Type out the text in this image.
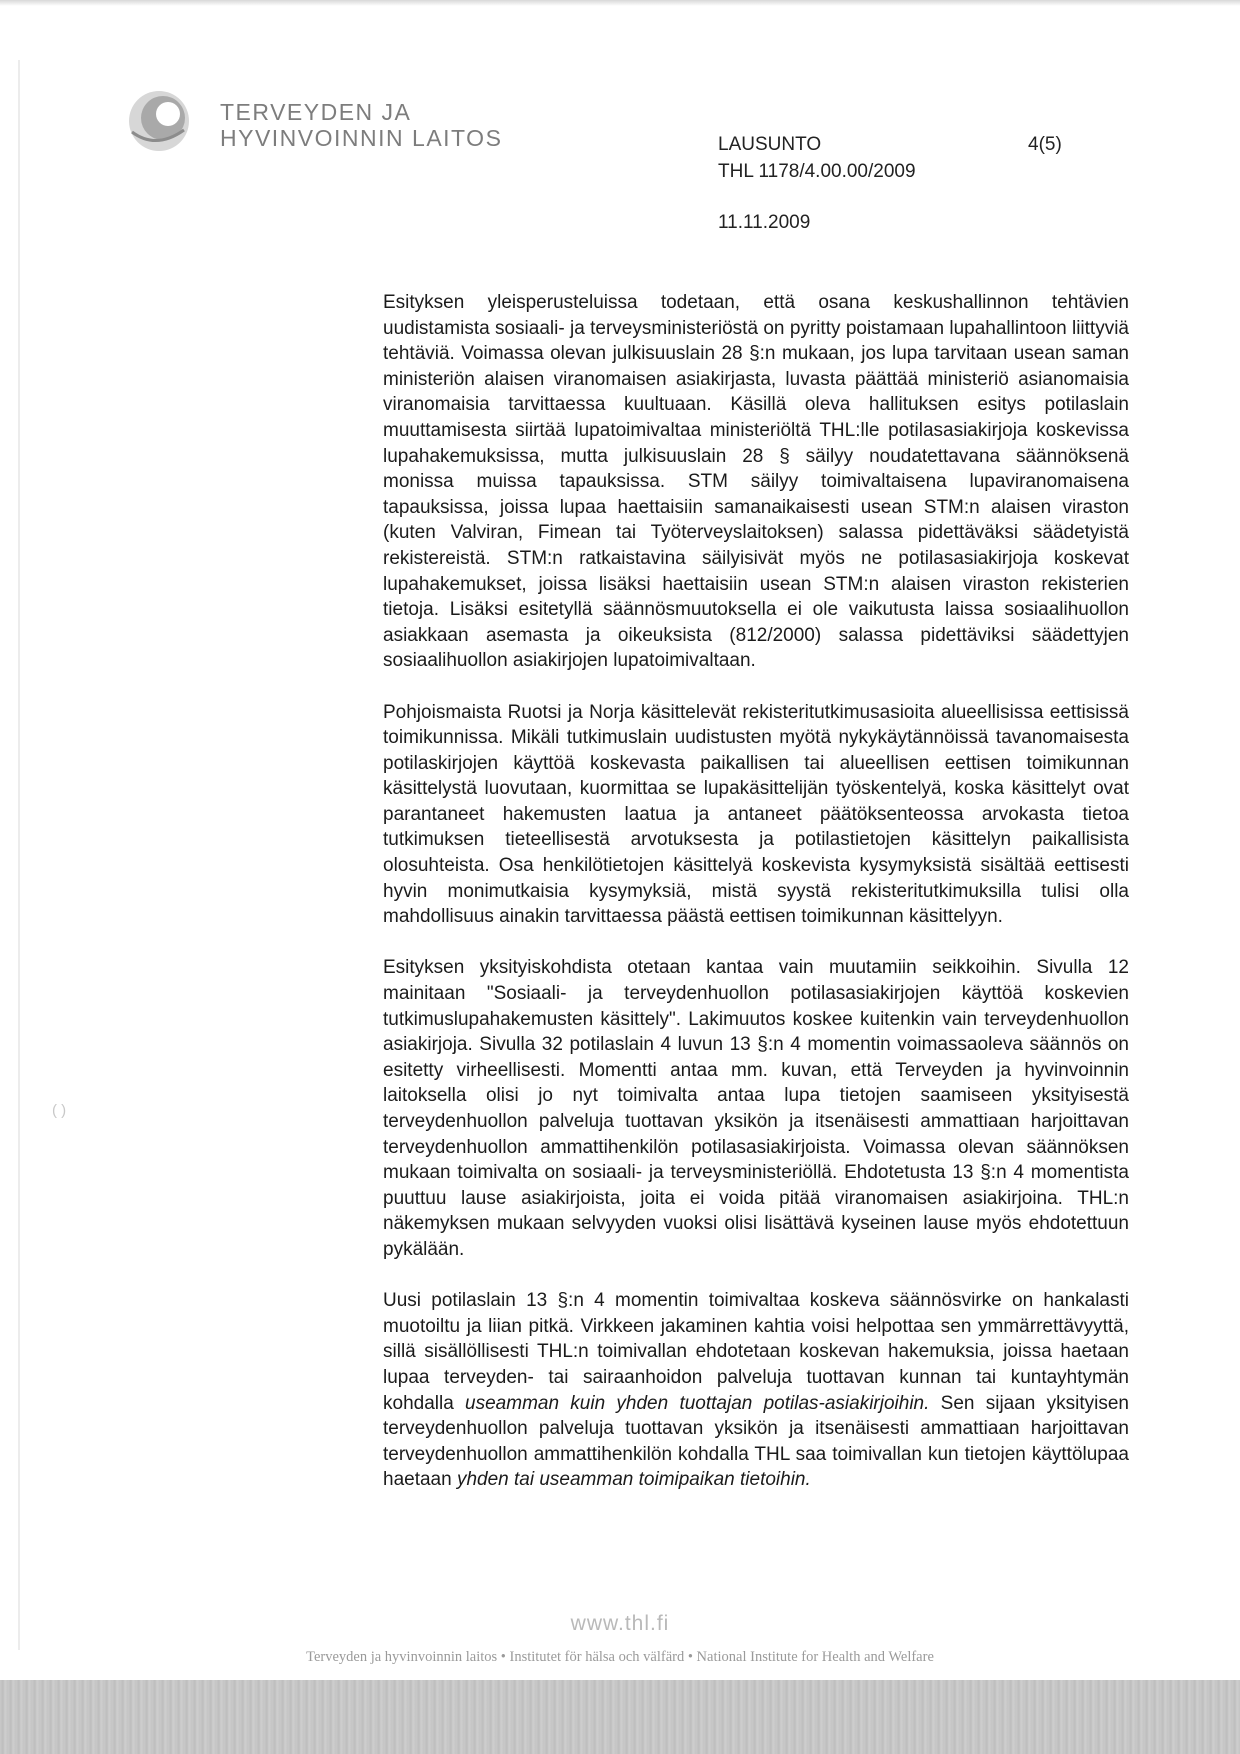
TERVEYDEN JA
HYVINVOINNIN LAITOS	LAUSUNTO	4(5)
THL 1178/4.00.00/2009
11.11.2009

Esityksen yleisperusteluissa todetaan, että osana keskushallinnon tehtävien uudistamista sosiaali- ja terveysministeriöstä on pyritty poistamaan lupahallintoon liittyviä tehtäviä. Voimassa olevan julkisuuslain 28 §:n mukaan, jos lupa tarvitaan usean saman ministeriön alaisen viranomaisen asiakirjasta, luvasta päättää ministeriö asianomaisia viranomaisia tarvittaessa kuultuaan. Käsillä oleva hallituksen esitys potilaslain muuttamisesta siirtää lupatoimivaltaa ministeriöltä THL:lle potilasasiakirjoja koskevissa lupahakemuksissa, mutta julkisuuslain 28 § säilyy noudatettavana säännöksenä monissa muissa tapauksissa. STM säilyy toimivaltaisena lupaviranomaisena tapauksissa, joissa lupaa haettaisiin samanaikaisesti usean STM:n alaisen viraston (kuten Valviran, Fimean tai Työterveyslaitoksen) salassa pidettäväksi säädetyistä rekistereistä. STM:n ratkaistavina säilyisivät myös ne potilasasiakirjoja koskevat lupahakemukset, joissa lisäksi haettaisiin usean STM:n alaisen viraston rekisterien tietoja. Lisäksi esitetyllä säännösmuutoksella ei ole vaikutusta laissa sosiaalihuollon asiakkaan asemasta ja oikeuksista (812/2000) salassa pidettäviksi säädettyjen sosiaalihuollon asiakirjojen lupatoimivaltaan.

Pohjoismaista Ruotsi ja Norja käsittelevät rekisteritutkimusasioita alueellisissa eettisissä toimikunnissa. Mikäli tutkimuslain uudistusten myötä nykykäytännöissä tavanomaisesta potilaskirjojen käyttöä koskevasta paikallisen tai alueellisen eettisen toimikunnan käsittelystä luovutaan, kuormittaa se lupakäsittelijän työskentelyä, koska käsittelyt ovat parantaneet hakemusten laatua ja antaneet päätöksenteossa arvokasta tietoa tutkimuksen tieteellisestä arvotuksesta ja potilastietojen käsittelyn paikallisista olosuhteista. Osa henkilötietojen käsittelyä koskevista kysymyksistä sisältää eettisesti hyvin monimutkaisia kysymyksiä, mistä syystä rekisteritutkimuksilla tulisi olla mahdollisuus ainakin tarvittaessa päästä eettisen toimikunnan käsittelyyn.

Esityksen yksityiskohdista otetaan kantaa vain muutamiin seikkoihin. Sivulla 12 mainitaan "Sosiaali- ja terveydenhuollon potilasasiakirjojen käyttöä koskevien tutkimuslupahakemusten käsittely". Lakimuutos koskee kuitenkin vain terveydenhuollon asiakirjoja. Sivulla 32 potilaslain 4 luvun 13 §:n 4 momentin voimassaoleva säännös on esitetty virheellisesti. Momentti antaa mm. kuvan, että Terveyden ja hyvinvoinnin laitoksella olisi jo nyt toimivalta antaa lupa tietojen saamiseen yksityisestä terveydenhuollon palveluja tuottavan yksikön ja itsenäisesti ammattiaan harjoittavan terveydenhuollon ammattihenkilön potilasasiakirjoista. Voimassa olevan säännöksen mukaan toimivalta on sosiaali- ja terveysministeriöllä. Ehdotetusta 13 §:n 4 momentista puuttuu lause asiakirjoista, joita ei voida pitää viranomaisen asiakirjoina. THL:n näkemyksen mukaan selvyyden vuoksi olisi lisättävä kyseinen lause myös ehdotettuun pykälään.

Uusi potilaslain 13 §:n 4 momentin toimivaltaa koskeva säännösvirke on hankalasti muotoiltu ja liian pitkä. Virkkeen jakaminen kahtia voisi helpottaa sen ymmärrettävyyttä, sillä sisällöllisesti THL:n toimivallan ehdotetaan koskevan hakemuksia, joissa haetaan lupaa terveyden- tai sairaanhoidon palveluja tuottavan kunnan tai kuntayhtymän kohdalla useamman kuin yhden tuottajan potilas-asiakirjoihin. Sen sijaan yksityisen terveydenhuollon palveluja tuottavan yksikön ja itsenäisesti ammattiaan harjoittavan terveydenhuollon ammattihenkilön kohdalla THL saa toimivallan kun tietojen käyttölupaa haetaan yhden tai useamman toimipaikan tietoihin.

( )
www.thl.fi
Terveyden ja hyvinvoinnin laitos • Institutet för hälsa och välfärd • National Institute for Health and Welfare
